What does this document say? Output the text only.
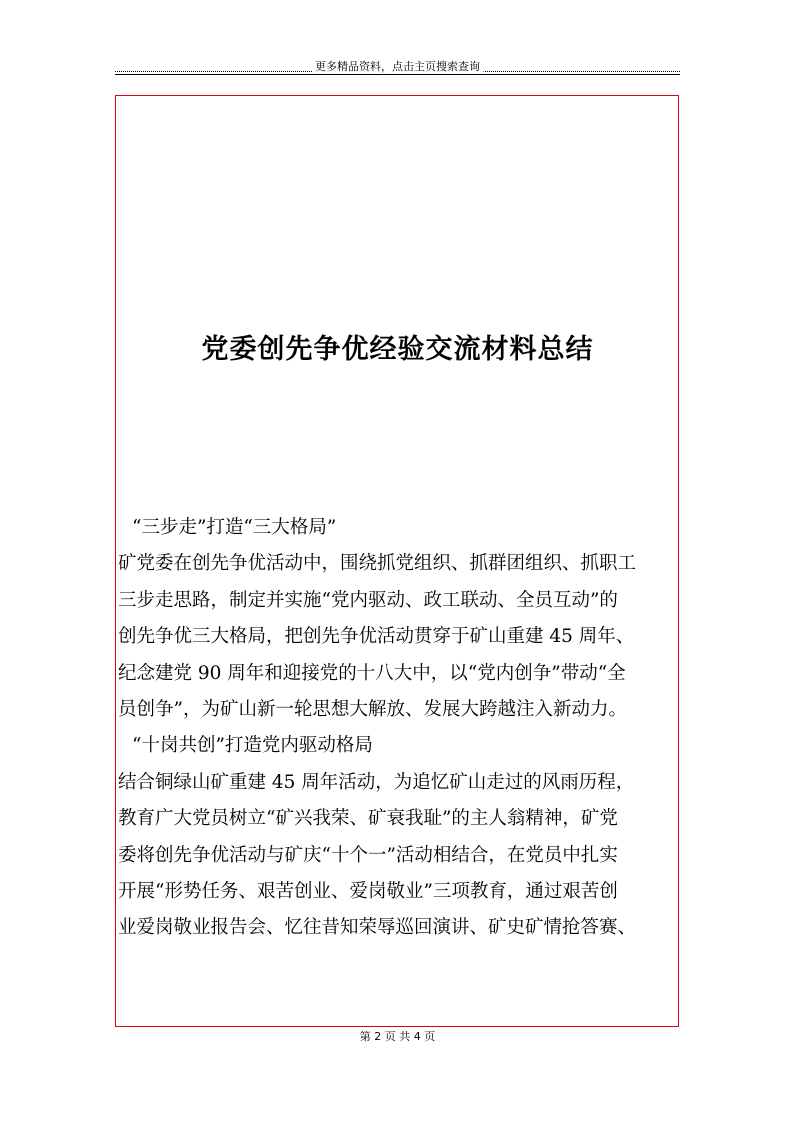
更多精品资料，点击主页搜索查询
党委创先争优经验交流材料总结
“三步走”打造“三大格局”
矿党委在创先争优活动中，围绕抓党组织、抓群团组织、抓职工
三步走思路，制定并实施“党内驱动、政工联动、全员互动”的
创先争优三大格局，把创先争优活动贯穿于矿山重建 45 周年、
纪念建党 90 周年和迎接党的十八大中，以“党内创争”带动“全
员创争”，为矿山新一轮思想大解放、发展大跨越注入新动力。
“十岗共创”打造党内驱动格局
结合铜绿山矿重建 45 周年活动，为追忆矿山走过的风雨历程，
教育广大党员树立“矿兴我荣、矿衰我耻”的主人翁精神，矿党
委将创先争优活动与矿庆“十个一”活动相结合，在党员中扎实
开展“形势任务、艰苦创业、爱岗敬业”三项教育，通过艰苦创
业爱岗敬业报告会、忆往昔知荣辱巡回演讲、矿史矿情抢答赛、
第 2 页 共 4 页
